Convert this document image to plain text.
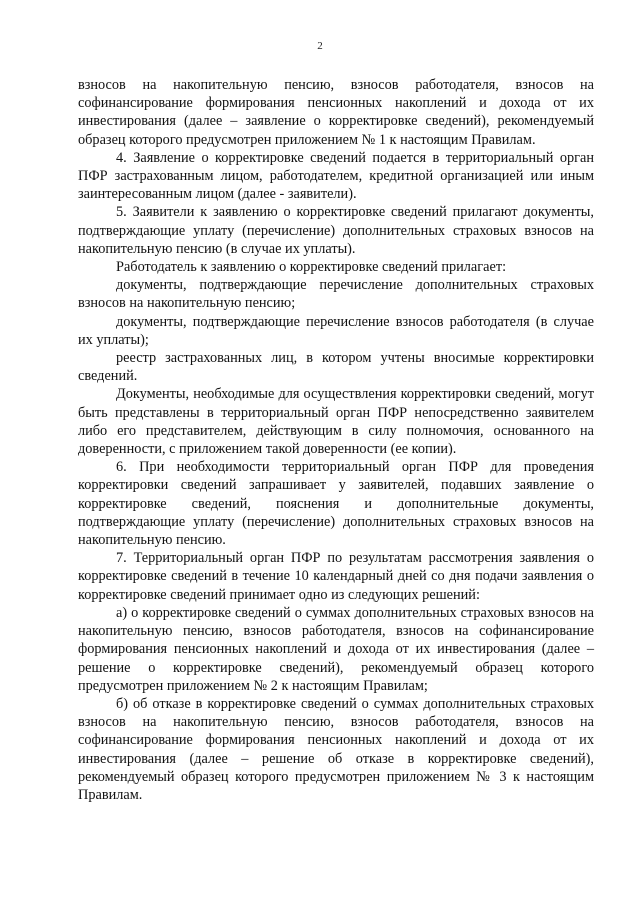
2

взносов на накопительную пенсию, взносов работодателя, взносов на софинансирование формирования пенсионных накоплений и дохода от их инвестирования (далее – заявление о корректировке сведений), рекомендуемый образец которого предусмотрен приложением № 1 к настоящим Правилам.

4. Заявление о корректировке сведений подается в территориальный орган ПФР застрахованным лицом, работодателем, кредитной организацией или иным заинтересованным лицом (далее - заявители).

5. Заявители к заявлению о корректировке сведений прилагают документы, подтверждающие уплату (перечисление) дополнительных страховых взносов на накопительную пенсию (в случае их уплаты).

Работодатель к заявлению о корректировке сведений прилагает:

документы, подтверждающие перечисление дополнительных страховых взносов на накопительную пенсию;

документы, подтверждающие перечисление взносов работодателя (в случае их уплаты);

реестр застрахованных лиц, в котором учтены вносимые корректировки сведений.

Документы, необходимые для осуществления корректировки сведений, могут быть представлены в территориальный орган ПФР непосредственно заявителем либо его представителем, действующим в силу полномочия, основанного на доверенности, с приложением такой доверенности (ее копии).

6. При необходимости территориальный орган ПФР для проведения корректировки сведений запрашивает у заявителей, подавших заявление о корректировке сведений, пояснения и дополнительные документы, подтверждающие уплату (перечисление) дополнительных страховых взносов на накопительную пенсию.

7. Территориальный орган ПФР по результатам рассмотрения заявления о корректировке сведений в течение 10 календарный дней со дня подачи заявления о корректировке сведений принимает одно из следующих решений:

а) о корректировке сведений о суммах дополнительных страховых взносов на накопительную пенсию, взносов работодателя, взносов на софинансирование формирования пенсионных накоплений и дохода от их инвестирования (далее – решение о корректировке сведений), рекомендуемый образец которого предусмотрен приложением № 2 к настоящим Правилам;

б) об отказе в корректировке сведений о суммах дополнительных страховых взносов на накопительную пенсию, взносов работодателя, взносов на софинансирование формирования пенсионных накоплений и дохода от их инвестирования (далее – решение об отказе в корректировке сведений), рекомендуемый образец которого предусмотрен приложением № 3 к настоящим Правилам.
